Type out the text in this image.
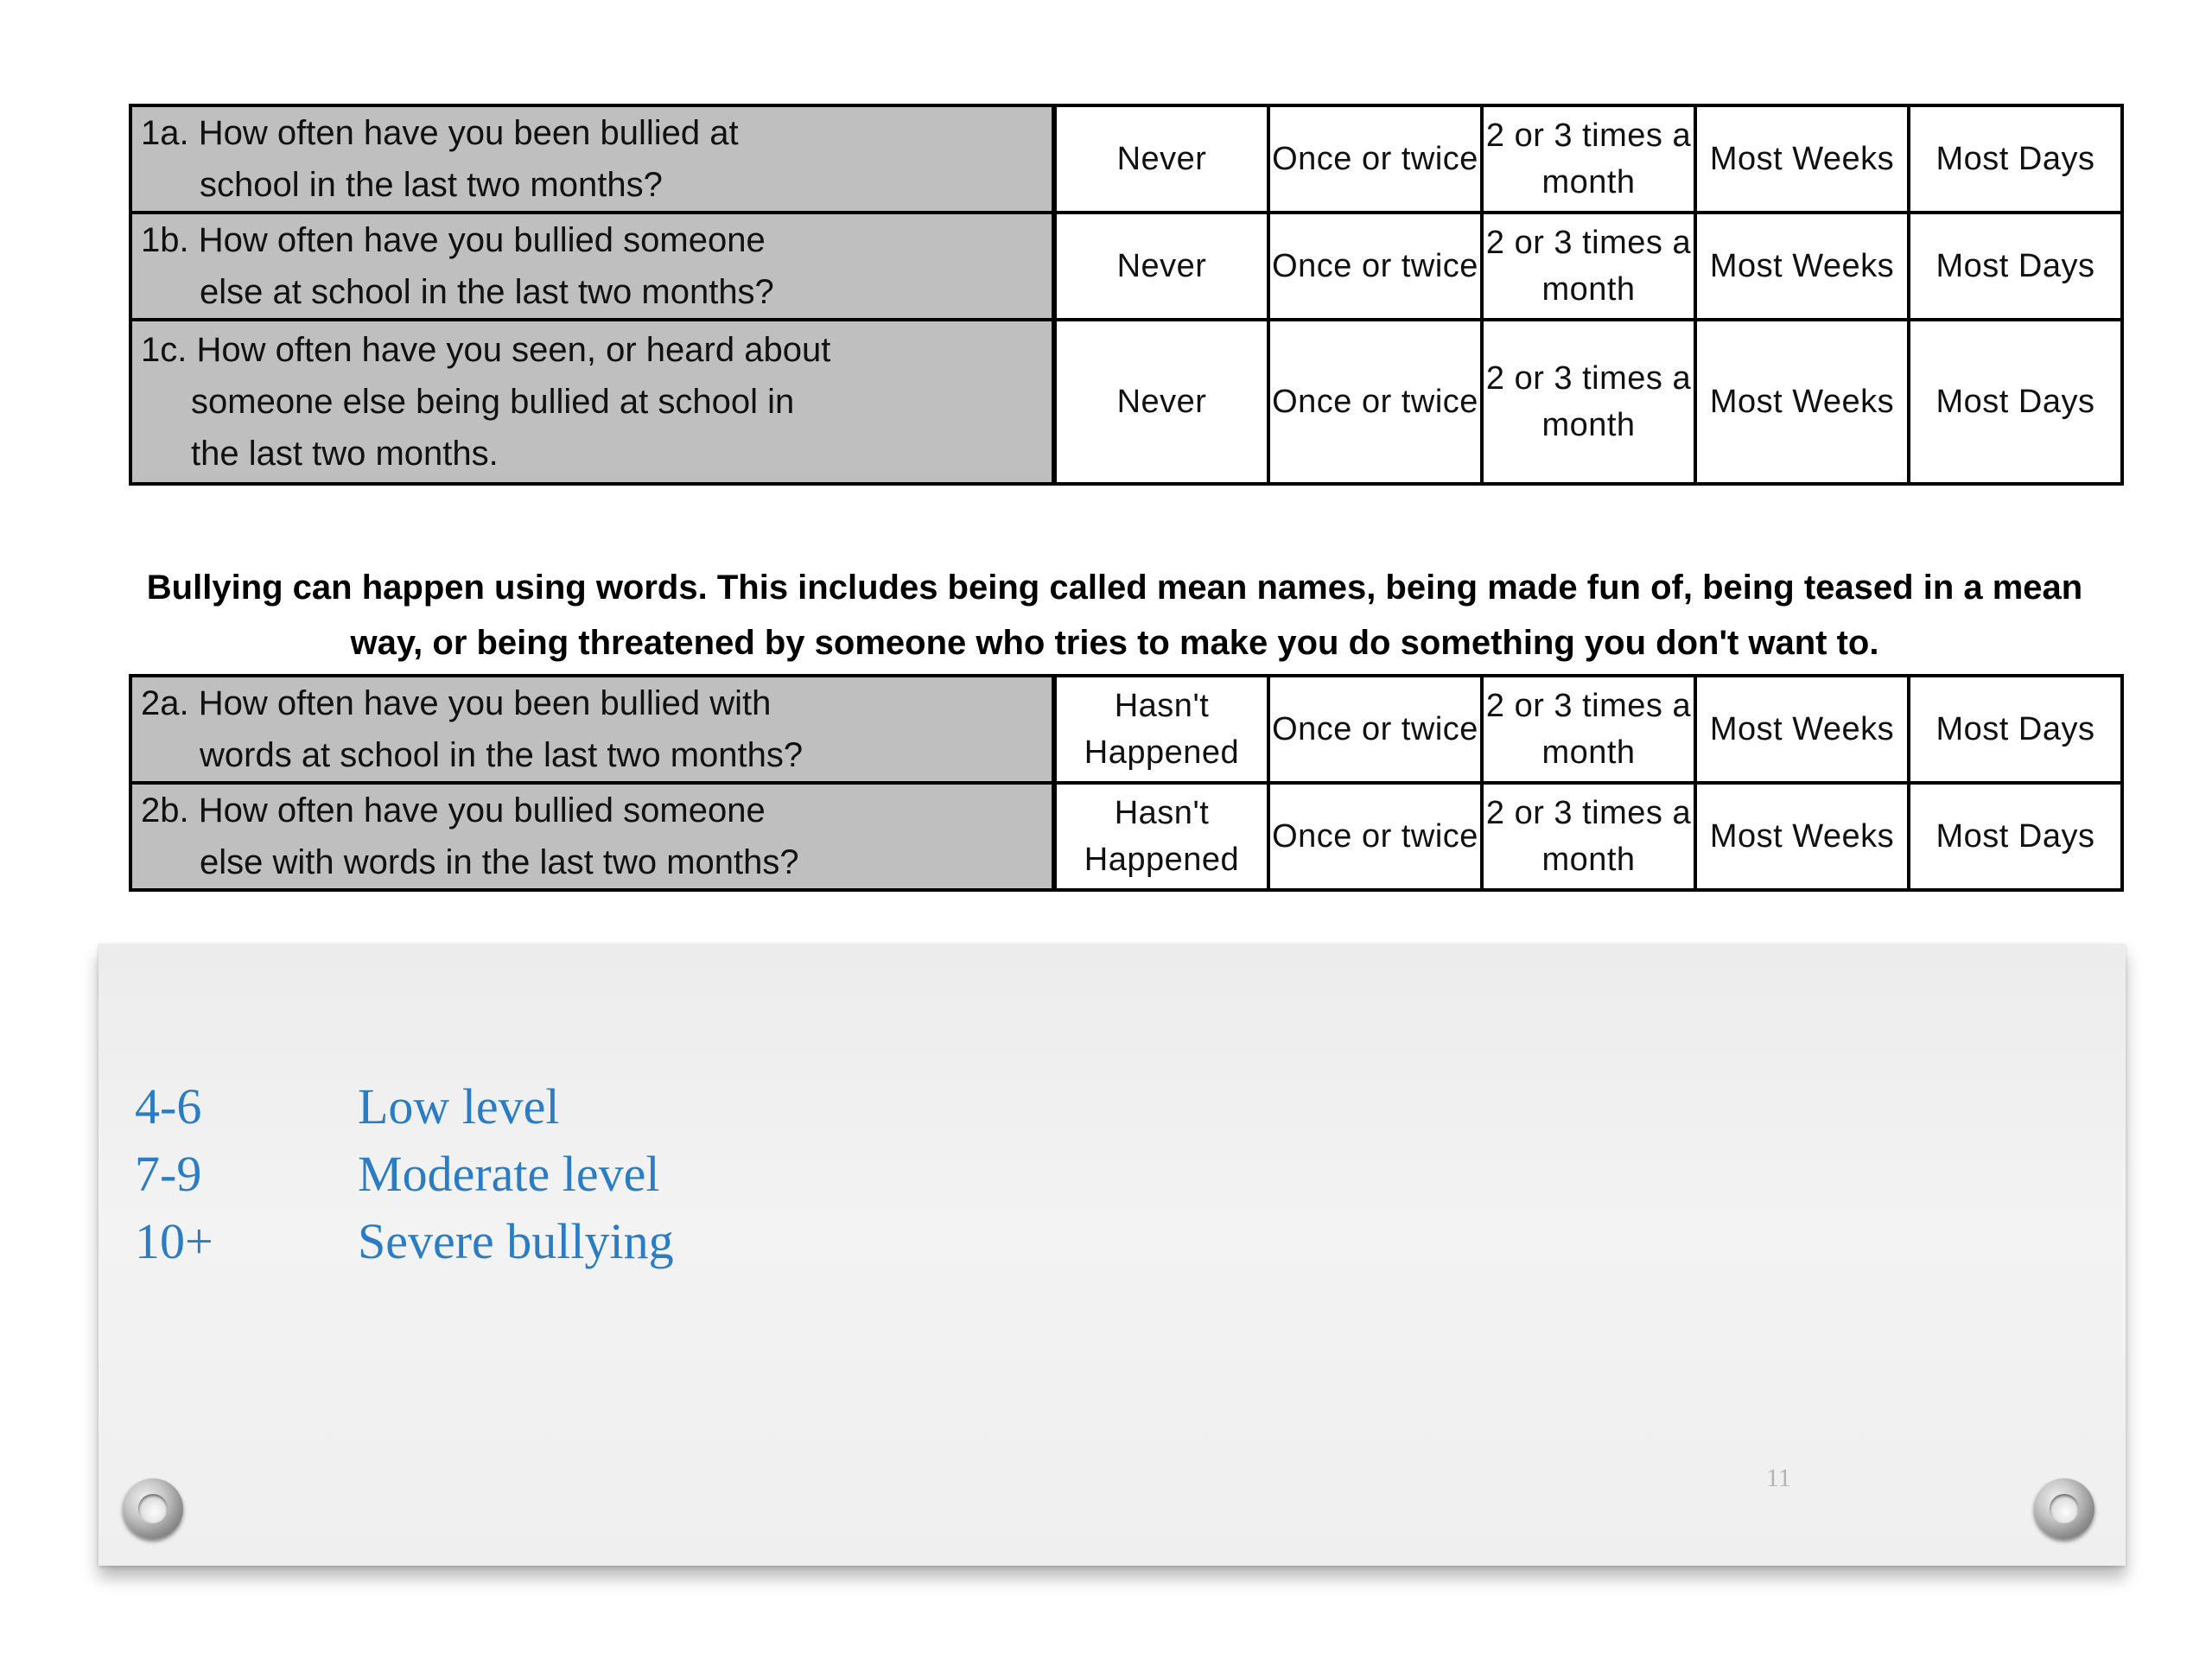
1a. How often have you been bullied at
school in the last two months?	Never	Once or twice	2 or 3 times a month	Most Weeks	Most Days

1b. How often have you bullied someone
else at school in the last two months?	Never	Once or twice	2 or 3 times a month	Most Weeks	Most Days

1c. How often have you seen, or heard about
someone else being bullied at school in
the last two months.	Never	Once or twice	2 or 3 times a month	Most Weeks	Most Days
Bullying can happen using words. This includes being called mean names, being made fun of, being teased in a mean way, or being threatened by someone who tries to make you do something you don't want to.
2a. How often have you been bullied with
words at school in the last two months?	Hasn't Happened	Once or twice	2 or 3 times a month	Most Weeks	Most Days

2b. How often have you bullied someone
else with words in the last two months?	Hasn't Happened	Once or twice	2 or 3 times a month	Most Weeks	Most Days
4-6	Low level
7-9	Moderate level
10+	Severe bullying
11
